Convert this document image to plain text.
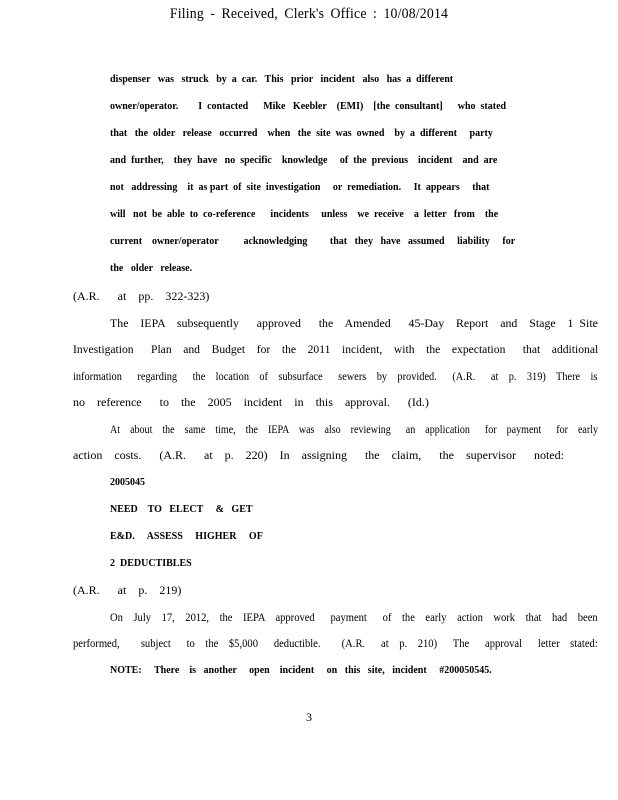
Filing - Received, Clerk's Office : 10/08/2014
dispenser   was   struck   by  a  car.   This   prior   incident   also   has  a  different
owner/operator.        I  contacted      Mike   Keebler    (EMI)    [the  consultant]      who  stated
that   the  older   release   occurred    when   the  site  was  owned    by  a  different     party
and  further,    they  have   no  specific    knowledge     of  the  previous    incident    and  are
not   addressing    it  as part  of  site  investigation     or  remediation.     It  appears     that
will   not  be  able  to  co-reference      incidents     unless    we  receive    a  letter   from    the
current    owner/operator          acknowledging         that   they   have   assumed     liability     for
the   older   release.
(A.R.   at  pp.  322-323)
The  IEPA  subsequently   approved   the  Amended   45-Day  Report  and  Stage  1 Site
Investigation   Plan  and  Budget  for  the  2011  incident,  with  the  expectation   that  additional
information   regarding   the  location  of  subsurface   sewers  by  provided.   (A.R.   at  p.  319)  There  is
no  reference   to  the  2005  incident  in  this  approval.   (Id.)
At  about  the  same  time,  the  IEPA  was  also  reviewing   an  application   for  payment   for  early
action  costs.   (A.R.   at  p.  220)  In  assigning   the  claim,   the  supervisor   noted:
2005045
NEED    TO   ELECT     &   GET
E&D.     ASSESS     HIGHER     OF
2  DEDUCTIBLES
(A.R.   at  p.  219)
On  July  17,  2012,  the  IEPA  approved   payment   of  the  early  action  work  that  had  been
performed,    subject   to  the  $5,000   deductible.    (A.R.   at  p.  210)   The   approval   letter  stated:
NOTE:     There    is   another     open    incident     on   this   site,   incident     #200050545.
3
